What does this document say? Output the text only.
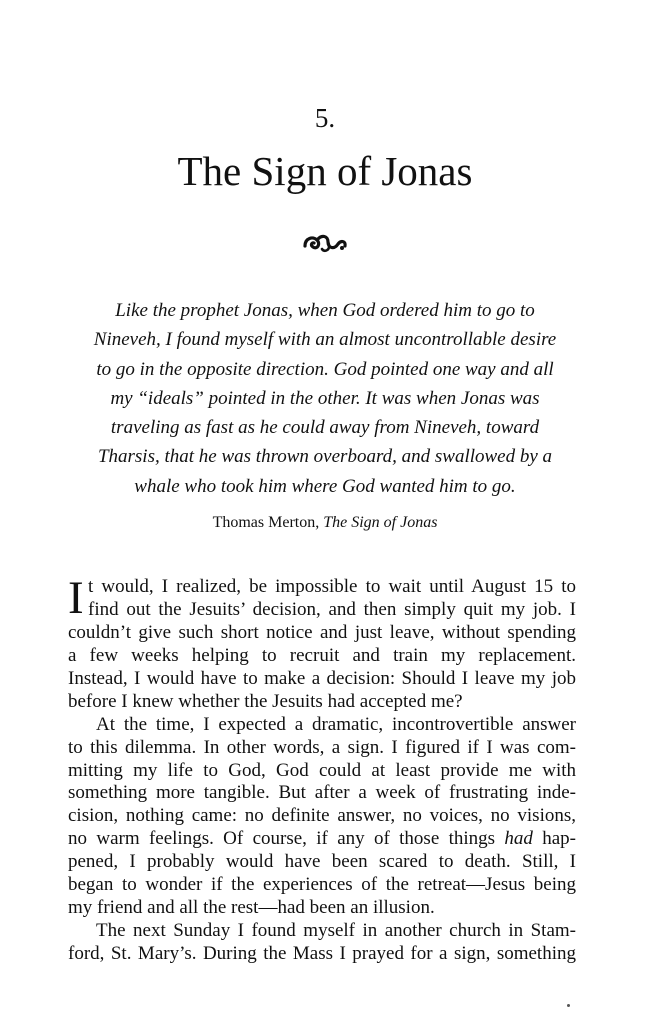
5.
The Sign of Jonas
Like the prophet Jonas, when God ordered him to go to
Nineveh, I found myself with an almost uncontrollable desire
to go in the opposite direction. God pointed one way and all
my “ideals” pointed in the other. It was when Jonas was
traveling as fast as he could away from Nineveh, toward
Tharsis, that he was thrown overboard, and swallowed by a
whale who took him where God wanted him to go.
Thomas Merton, The Sign of Jonas
I t would, I realized, be impossible to wait until August 15 to
find out the Jesuits’ decision, and then simply quit my job. I
couldn’t give such short notice and just leave, without spending
a few weeks helping to recruit and train my replacement.
Instead, I would have to make a decision: Should I leave my job
before I knew whether the Jesuits had accepted me?
At the time, I expected a dramatic, incontrovertible answer
to this dilemma. In other words, a sign. I figured if I was com-
mitting my life to God, God could at least provide me with
something more tangible. But after a week of frustrating inde-
cision, nothing came: no definite answer, no voices, no visions,
no warm feelings. Of course, if any of those things had hap-
pened, I probably would have been scared to death. Still, I
began to wonder if the experiences of the retreat—Jesus being
my friend and all the rest—had been an illusion.
The next Sunday I found myself in another church in Stam-
ford, St. Mary’s. During the Mass I prayed for a sign, something
